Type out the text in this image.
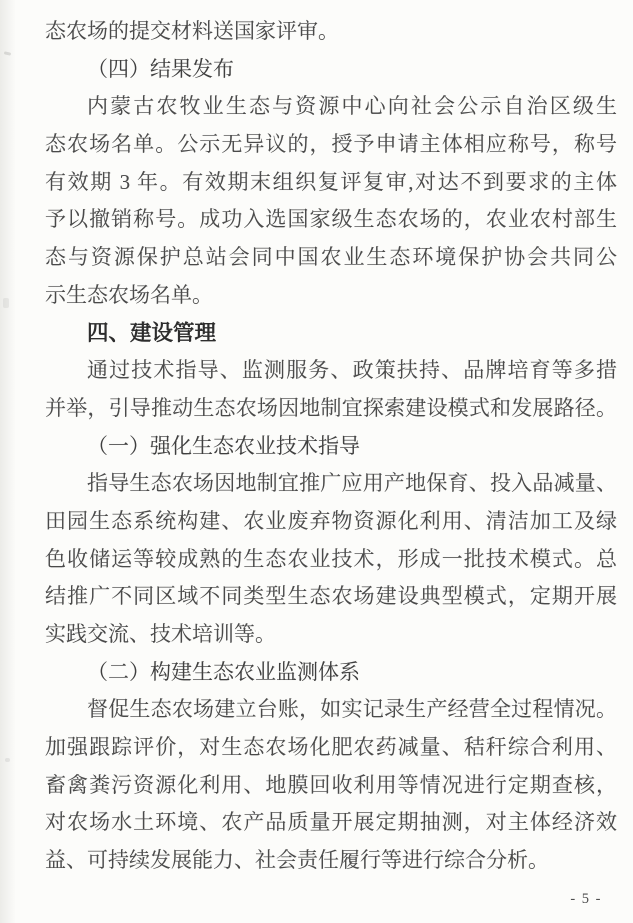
态农场的提交材料送国家评审。
（四）结果发布
内蒙古农牧业生态与资源中心向社会公示自治区级生
态农场名单。公示无异议的，授予申请主体相应称号，称号
有效期 3 年。有效期末组织复评复审,对达不到要求的主体
予以撤销称号。成功入选国家级生态农场的，农业农村部生
态与资源保护总站会同中国农业生态环境保护协会共同公
示生态农场名单。
四、建设管理
通过技术指导、监测服务、政策扶持、品牌培育等多措
并举，引导推动生态农场因地制宜探索建设模式和发展路径。
（一）强化生态农业技术指导
指导生态农场因地制宜推广应用产地保育、投入品减量、
田园生态系统构建、农业废弃物资源化利用、清洁加工及绿
色收储运等较成熟的生态农业技术，形成一批技术模式。总
结推广不同区域不同类型生态农场建设典型模式，定期开展
实践交流、技术培训等。
（二）构建生态农业监测体系
督促生态农场建立台账，如实记录生产经营全过程情况。
加强跟踪评价，对生态农场化肥农药减量、秸秆综合利用、
畜禽粪污资源化利用、地膜回收利用等情况进行定期查核，
对农场水土环境、农产品质量开展定期抽测，对主体经济效
益、可持续发展能力、社会责任履行等进行综合分析。
- 5 -
